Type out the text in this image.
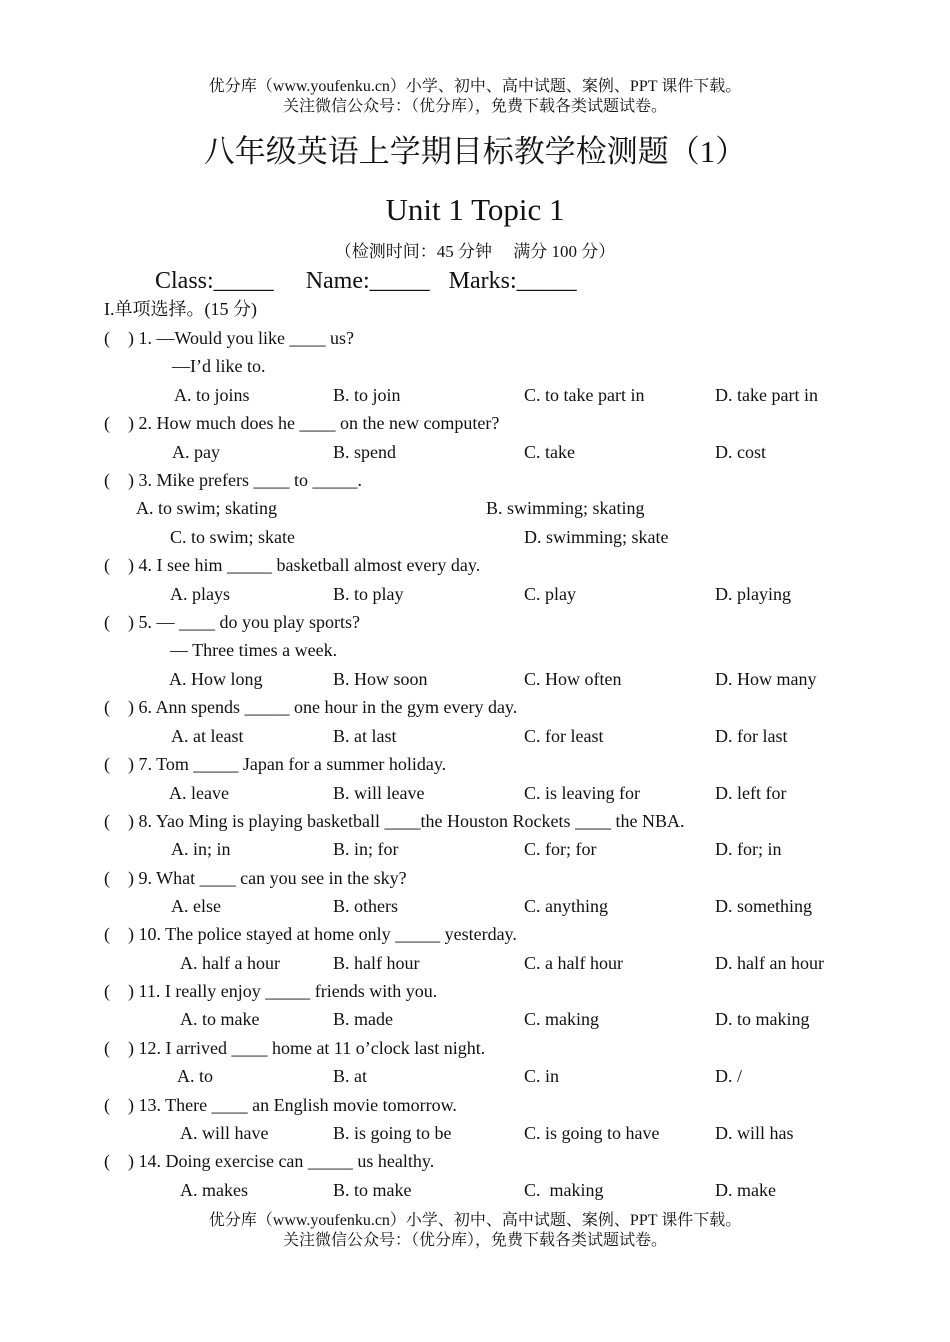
优分库（www.youfenku.cn）小学、初中、高中试题、案例、PPT 课件下载。
关注微信公众号：（优分库），免费下载各类试题试卷。
八年级英语上学期目标教学检测题（1）
Unit 1 Topic 1
（检测时间：45 分钟　 满分 100 分）
Class:_____ Name:_____ Marks:_____
I.单项选择。(15 分)
(　) 1. —Would you like ____ us?
—I’d like to.
A. to joins	B. to join	C. to take part in	D. take part in
(　) 2. How much does he ____ on the new computer?
A. pay	B. spend	C. take	D. cost
(　) 3. Mike prefers ____ to _____.
A. to swim; skating	B. swimming; skating
C. to swim; skate	D. swimming; skate
(　) 4. I see him _____ basketball almost every day.
A. plays	B. to play	C. play	D. playing
(　) 5. — ____ do you play sports?
— Three times a week.
A. How long	B. How soon	C. How often	D. How many
(　) 6. Ann spends _____ one hour in the gym every day.
A. at least	B. at last	C. for least	D. for last
(　) 7. Tom _____ Japan for a summer holiday.
A. leave	B. will leave	C. is leaving for	D. left for
(　) 8. Yao Ming is playing basketball ____the Houston Rockets ____ the NBA.
A. in; in	B. in; for	C. for; for	D. for; in
(　) 9. What ____ can you see in the sky?
A. else	B. others	C. anything	D. something
(　) 10. The police stayed at home only _____ yesterday.
A. half a hour	B. half hour	C. a half hour	D. half an hour
(　) 11. I really enjoy _____ friends with you.
A. to make	B. made	C. making	D. to making
(　) 12. I arrived ____ home at 11 o’clock last night.
A. to	B. at	C. in	D. /
(　) 13. There ____ an English movie tomorrow.
A. will have	B. is going to be	C. is going to have	D. will has
(　) 14. Doing exercise can _____ us healthy.
A. makes	B. to make	C.  making	D. make
优分库（www.youfenku.cn）小学、初中、高中试题、案例、PPT 课件下载。
关注微信公众号：（优分库），免费下载各类试题试卷。
